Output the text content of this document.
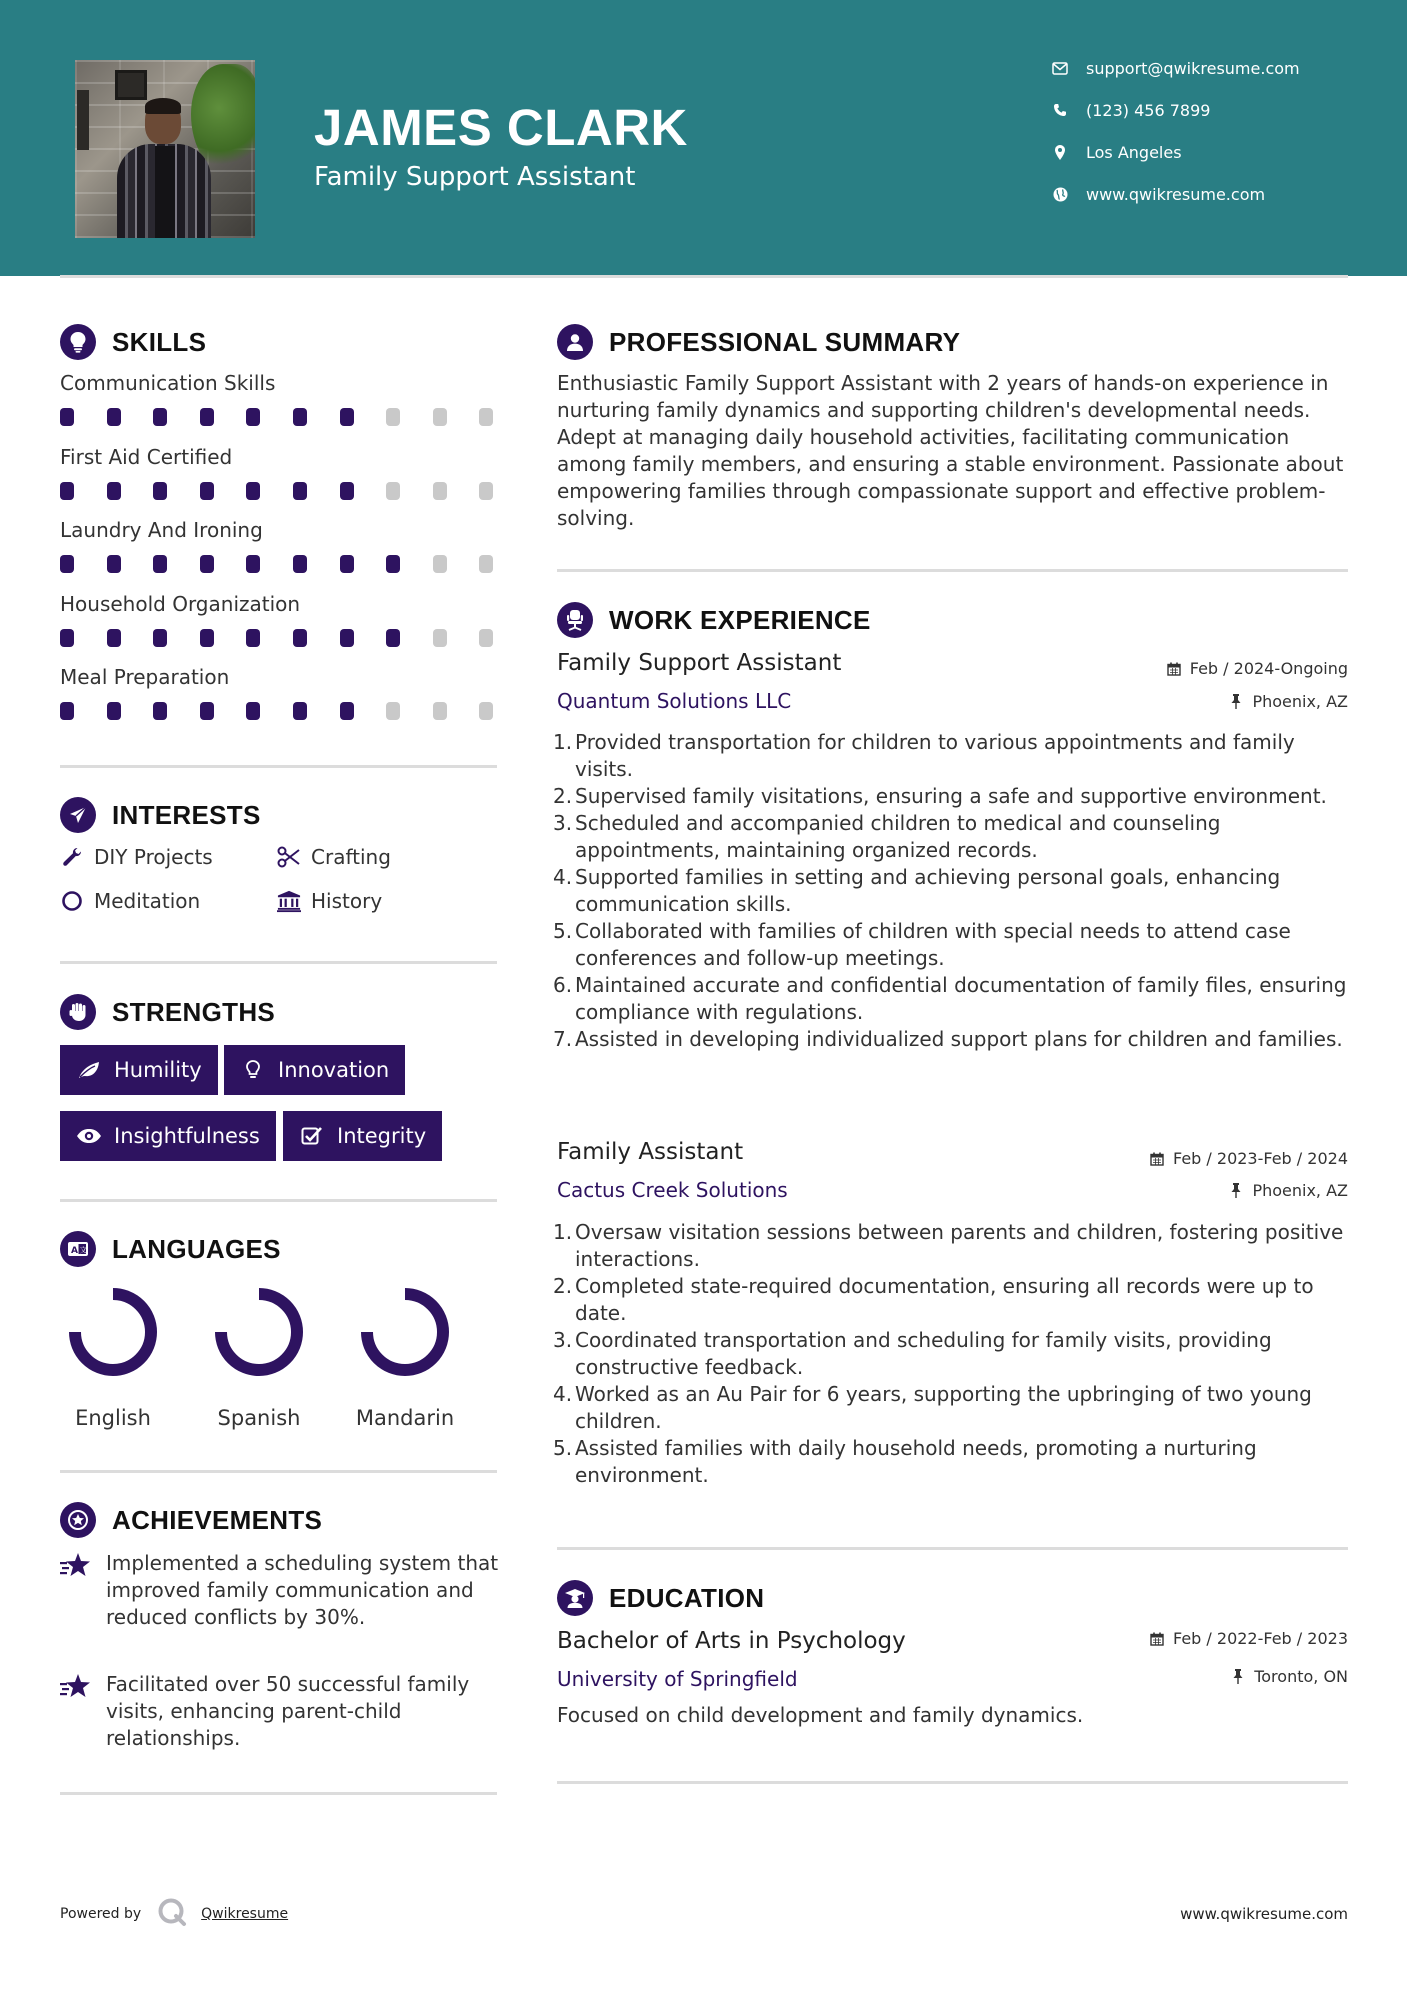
JAMES CLARK
Family Support Assistant
support@qwikresume.com
(123) 456 7899
Los Angeles
www.qwikresume.com
SKILLS
Communication Skills
First Aid Certified
Laundry And Ironing
Household Organization
Meal Preparation
INTERESTS
DIY Projects	Crafting
Meditation	History
STRENGTHS
Humility	Innovation
Insightfulness	Integrity
A 文 LANGUAGES
English	Spanish	Mandarin
ACHIEVEMENTS
Implemented a scheduling system that improved family communication and reduced conflicts by 30%.
Facilitated over 50 successful family visits, enhancing parent-child relationships.
PROFESSIONAL SUMMARY
Enthusiastic Family Support Assistant with 2 years of hands-on experience in nurturing family dynamics and supporting children's developmental needs. Adept at managing daily household activities, facilitating communication among family members, and ensuring a stable environment. Passionate about empowering families through compassionate support and effective problem-solving.
WORK EXPERIENCE
Family Support Assistant
Quantum Solutions LLC
Feb / 2024-Ongoing
Phoenix, AZ
1. Provided transportation for children to various appointments and family visits.
2. Supervised family visitations, ensuring a safe and supportive environment.
3. Scheduled and accompanied children to medical and counseling appointments, maintaining organized records.
4. Supported families in setting and achieving personal goals, enhancing communication skills.
5. Collaborated with families of children with special needs to attend case conferences and follow-up meetings.
6. Maintained accurate and confidential documentation of family files, ensuring compliance with regulations.
7. Assisted in developing individualized support plans for children and families.
Family Assistant
Cactus Creek Solutions
Feb / 2023-Feb / 2024
Phoenix, AZ
1. Oversaw visitation sessions between parents and children, fostering positive interactions.
2. Completed state-required documentation, ensuring all records were up to date.
3. Coordinated transportation and scheduling for family visits, providing constructive feedback.
4. Worked as an Au Pair for 6 years, supporting the upbringing of two young children.
5. Assisted families with daily household needs, promoting a nurturing environment.
EDUCATION
Bachelor of Arts in Psychology
University of Springfield
Feb / 2022-Feb / 2023
Toronto, ON
Focused on child development and family dynamics.
Powered by	Qwikresume	www.qwikresume.com
